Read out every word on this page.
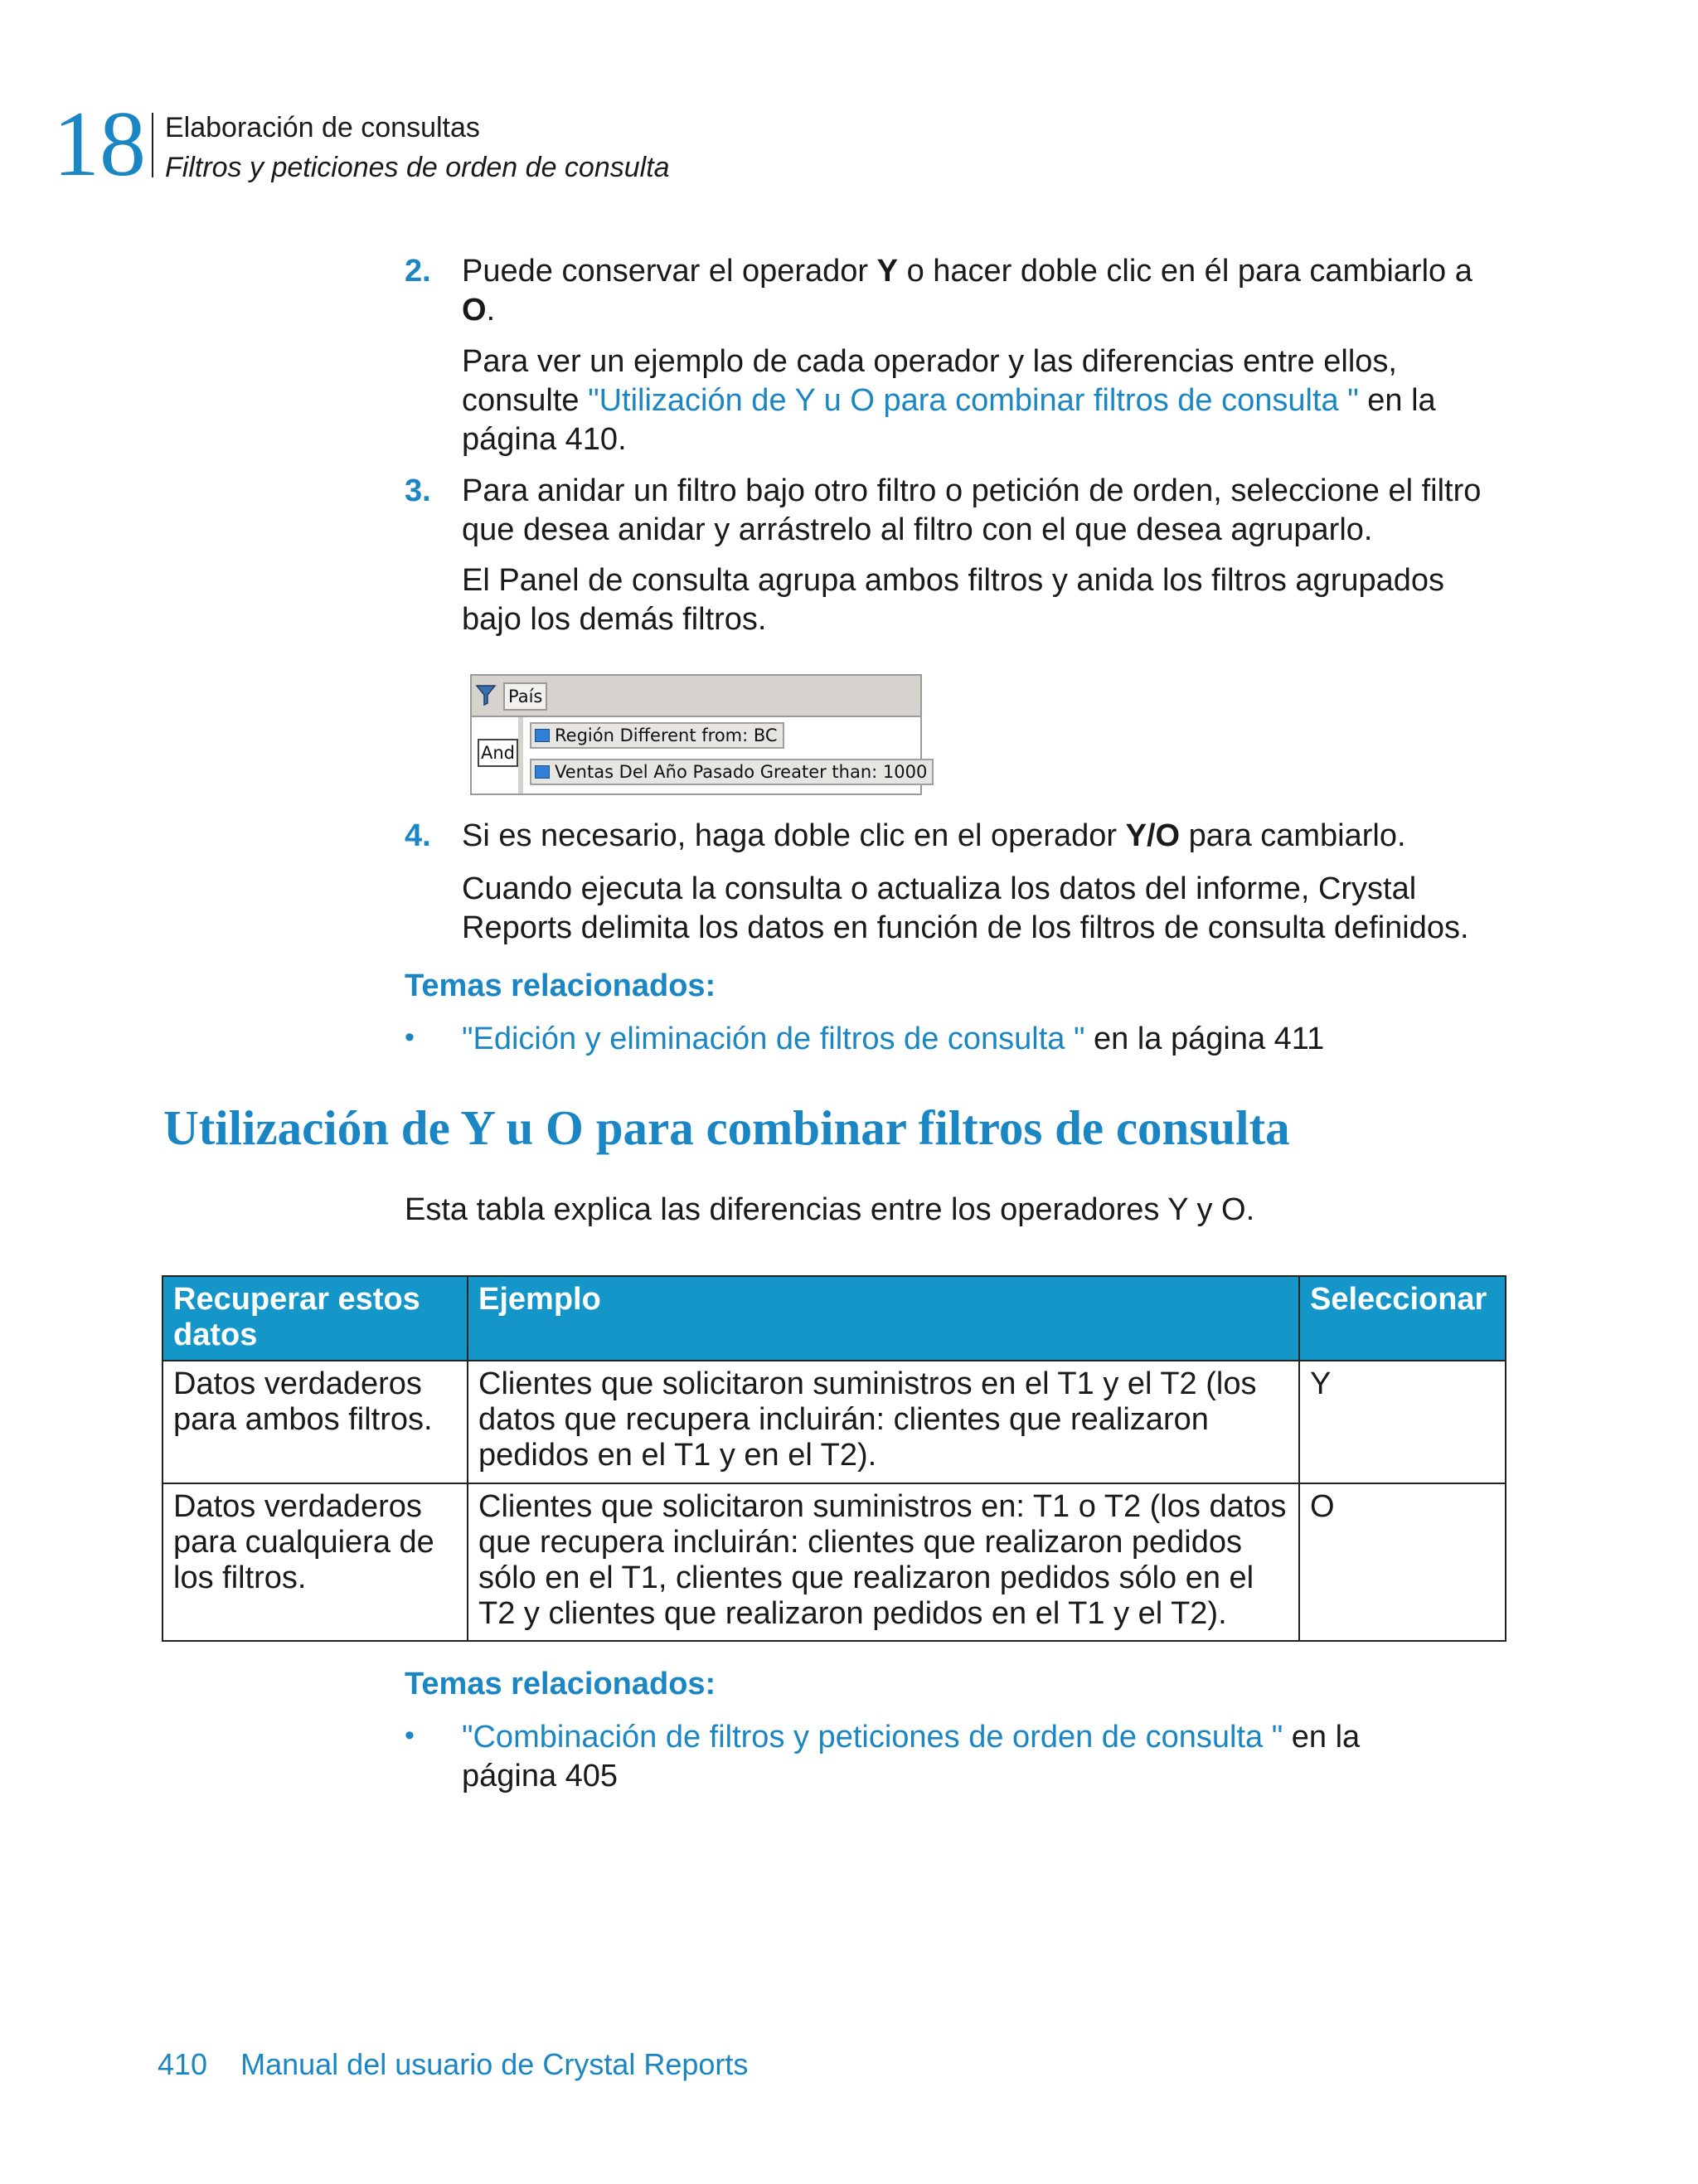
18 Elaboración de consultas
Filtros y peticiones de orden de consulta
2. Puede conservar el operador Y o hacer doble clic en él para cambiarlo a
O.
Para ver un ejemplo de cada operador y las diferencias entre ellos,
consulte "Utilización de Y u O para combinar filtros de consulta " en la
página 410.
3. Para anidar un filtro bajo otro filtro o petición de orden, seleccione el filtro
que desea anidar y arrástrelo al filtro con el que desea agruparlo.
El Panel de consulta agrupa ambos filtros y anida los filtros agrupados
bajo los demás filtros.
País
And
Región Different from: BC
Ventas Del Año Pasado Greater than: 1000
4. Si es necesario, haga doble clic en el operador Y/O para cambiarlo.
Cuando ejecuta la consulta o actualiza los datos del informe, Crystal
Reports delimita los datos en función de los filtros de consulta definidos.
Temas relacionados:
• "Edición y eliminación de filtros de consulta " en la página 411
Utilización de Y u O para combinar filtros de consulta
Esta tabla explica las diferencias entre los operadores Y y O.
Recuperar estos datos	Ejemplo	Seleccionar
Datos verdaderos para ambos filtros.	Clientes que solicitaron suministros en el T1 y el T2 (los datos que recupera incluirán: clientes que realizaron pedidos en el T1 y en el T2).	Y
Datos verdaderos para cualquiera de los filtros.	Clientes que solicitaron suministros en: T1 o T2 (los datos que recupera incluirán: clientes que realizaron pedidos sólo en el T1, clientes que realizaron pedidos sólo en el T2 y clientes que realizaron pedidos en el T1 y el T2).	O
Temas relacionados:
• "Combinación de filtros y peticiones de orden de consulta " en la
página 405
410 Manual del usuario de Crystal Reports
